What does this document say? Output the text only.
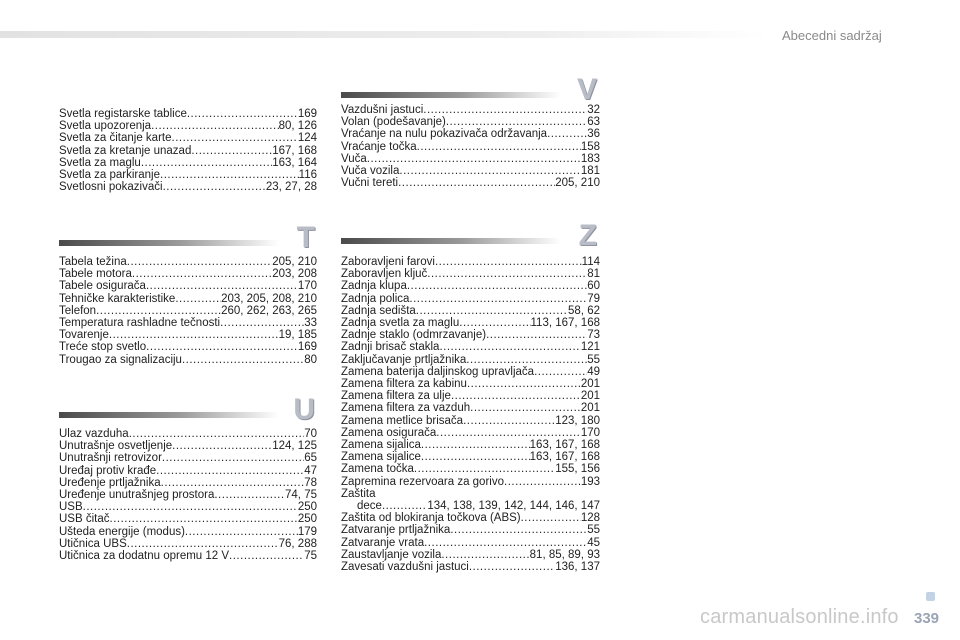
Abecedni sadržaj
Svetla registarske tablice .....	169
Svetla upozorenja .....	80, 126
Svetla za čitanje karte .....	124
Svetla za kretanje unazad .....	167, 168
Svetla za maglu .....	163, 164
Svetla za parkiranje .....	116
Svetlosni pokazivači .....	23, 27, 28
T
Tabela težina .....	205, 210
Tabele motora .....	203, 208
Tabele osigurača .....	170
Tehničke karakteristike .....	203, 205, 208, 210
Telefon .....	260, 262, 263, 265
Temperatura rashladne tečnosti .....	33
Tovarenje .....	19, 185
Treće stop svetlo .....	169
Trougao za signalizaciju .....	80
U
Ulaz vazduha .....	70
Unutrašnje osvetljenje .....	124, 125
Unutrašnji retrovizor .....	65
Uređaj protiv krađe .....	47
Uređenje prtljažnika .....	78
Uređenje unutrašnjeg prostora .....	74, 75
USB .....	250
USB čitač .....	250
Ušteda energije (modus) .....	179
Utičnica UBS .....	76, 288
Utičnica za dodatnu opremu 12 V .....	75
V
Vazdušni jastuci .....	32
Volan (podešavanje) .....	63
Vraćanje na nulu pokazivača održavanja .....	36
Vraćanje točka .....	158
Vuča .....	183
Vuča vozila .....	181
Vučni tereti .....	205, 210
Z
Zaboravljeni farovi .....	114
Zaboravljen ključ .....	81
Zadnja klupa .....	60
Zadnja polica .....	79
Zadnja sedišta .....	58, 62
Zadnja svetla za maglu .....	113, 167, 168
Zadnje staklo (odmrzavanje) .....	73
Zadnji brisač stakla .....	121
Zaključavanje prtljažnika .....	55
Zamena baterija daljinskog upravljača .....	49
Zamena filtera za kabinu .....	201
Zamena filtera za ulje .....	201
Zamena filtera za vazduh .....	201
Zamena metlice brisača .....	123, 180
Zamena osigurača .....	170
Zamena sijalica .....	163, 167, 168
Zamena sijalice .....	163, 167, 168
Zamena točka .....	155, 156
Zapremina rezervoara za gorivo .....	193
Zaštita
dece .....	134, 138, 139, 142, 144, 146, 147
Zaštita od blokiranja točkova (ABS) .....	128
Zatvaranje prtljažnika .....	55
Zatvaranje vrata .....	45
Zaustavljanje vozila .....	81, 85, 89, 93
Zavesati vazdušni jastuci .....	136, 137
carmanualsonline.info 339
